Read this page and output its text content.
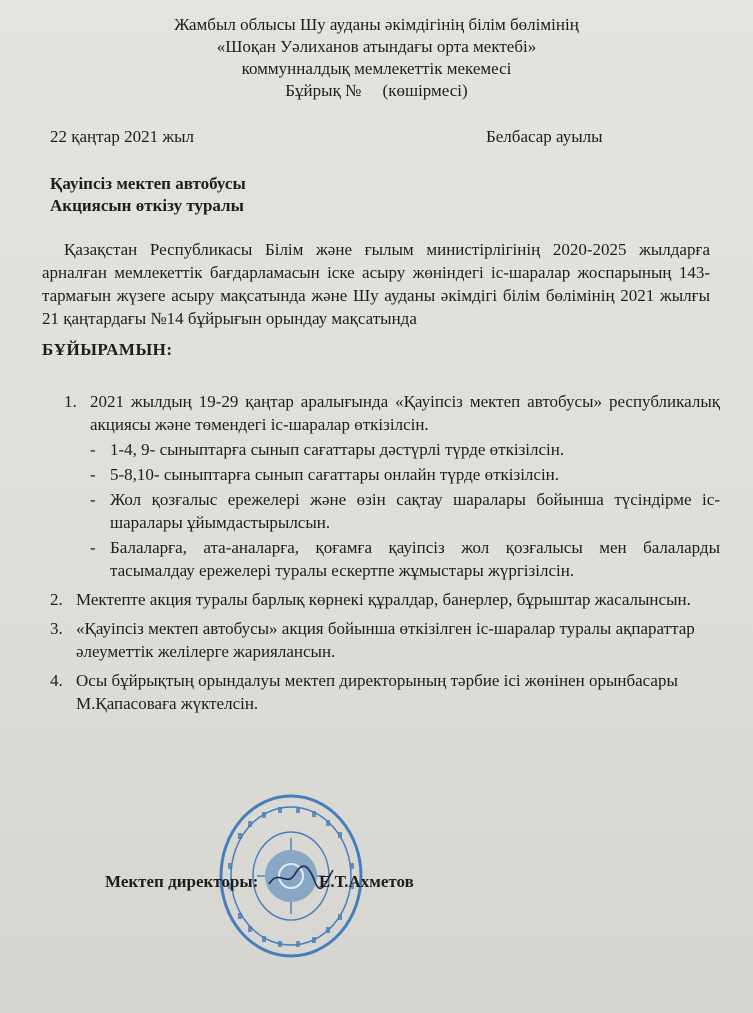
Жамбыл облысы Шу ауданы әкімдігінің білім бөлімінің
«Шоқан Уәлиханов атындағы орта мектебі»
коммунналдық мемлекеттік мекемесі
Бұйрық №     (көшірмесі)
22 қаңтар 2021 жыл	Белбасар ауылы
Қауіпсіз мектеп автобусы
Акциясын өткізу туралы
Қазақстан Республикасы Білім және ғылым министірлігінің 2020-2025 жылдарға арналған мемлекеттік бағдарламасын іске асыру жөніндегі іс-шаралар жоспарының 143-тармағын жүзеге асыру мақсатында және Шу ауданы әкімдігі білім бөлімінің 2021 жылғы 21 қаңтардағы №14 бұйрығын орындау мақсатында
БҰЙЫРАМЫН:
1. 2021 жылдың 19-29 қаңтар аралығында «Қауіпсіз мектеп автобусы» республикалық акциясы және төмендегі іс-шаралар өткізілсін.
- 1-4, 9- сыныптарға сынып сағаттары дәстүрлі түрде өткізілсін.
- 5-8,10- сыныптарға сынып сағаттары онлайн түрде өткізілсін.
- Жол қозғалыс ережелері және өзін сақтау шаралары бойынша түсіндірме іс-шаралары ұйымдастырылсын.
- Балаларға, ата-аналарға, қоғамға қауіпсіз жол қозғалысы мен балаларды тасымалдау ережелері туралы ескертпе жұмыстары жүргізілсін.
2. Мектепте акция туралы барлық көрнекі құралдар, банерлер, бұрыштар жасалынсын.
3. «Қауіпсіз мектеп автобусы» акция бойынша өткізілген іс-шаралар туралы ақпараттар әлеуметтік желілерге жарияланcын.
4. Осы бұйрықтың орындалуы мектеп директорының тәрбие ісі жөнінен орынбасары М.Қапасоваға жүктелсін.
Мектеп директоры:	Е.Т.Ахметов
